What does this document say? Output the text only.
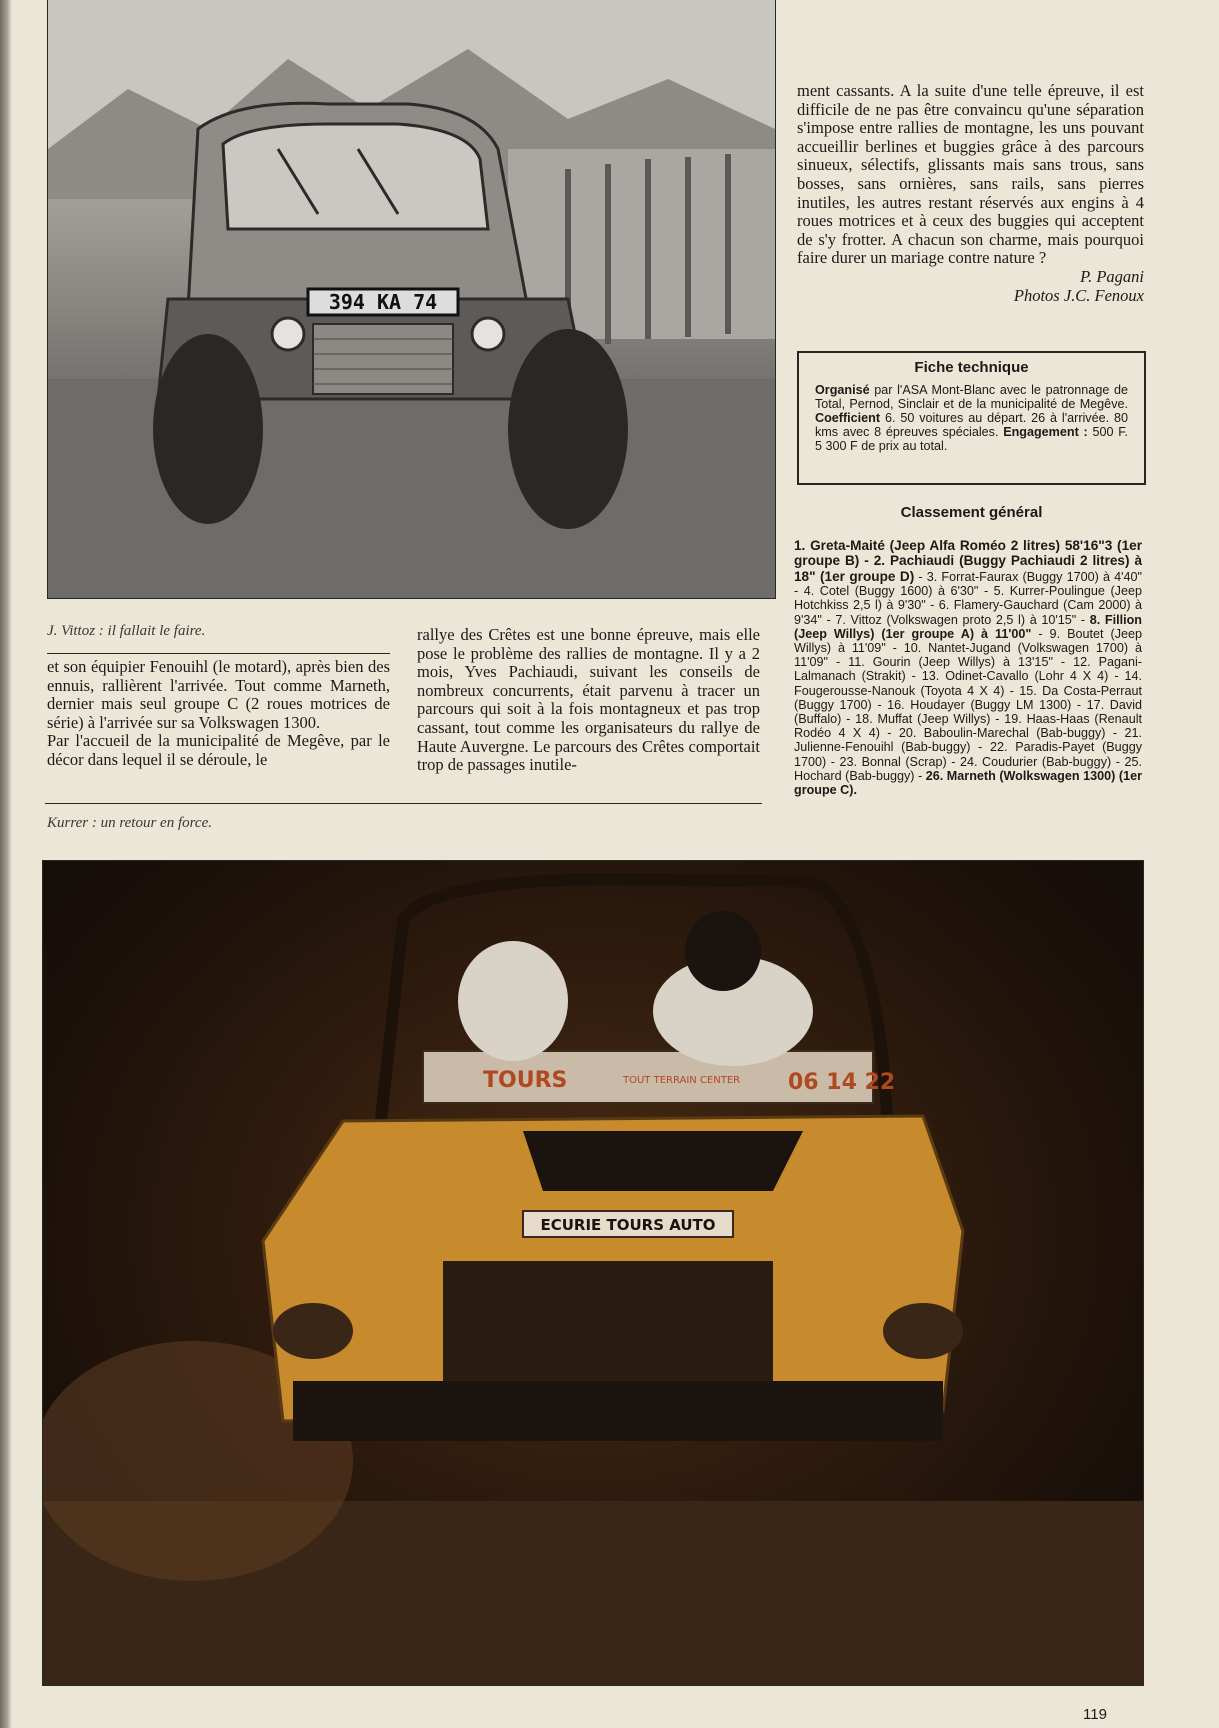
394 KA 74

ment cassants. A la suite d'une telle épreuve, il est difficile de ne pas être convaincu qu'une séparation s'impose entre rallies de montagne, les uns pouvant accueillir berlines et buggies grâce à des parcours sinueux, sélectifs, glissants mais sans trous, sans bosses, sans ornières, sans rails, sans pierres inutiles, les autres restant réservés aux engins à 4 roues motrices et à ceux des buggies qui acceptent de s'y frotter. A chacun son charme, mais pourquoi faire durer un mariage contre nature ?

P. Pagani

Photos J.C. Fenoux

Fiche technique
Organisé par l'ASA Mont-Blanc avec le patronnage de Total, Pernod, Sinclair et de la municipalité de Megêve. Coefficient 6. 50 voitures au départ. 26 à l'arrivée. 80 kms avec 8 épreuves spéciales. Engagement : 500 F. 5 300 F de prix au total.
Classement général
1. Greta-Maité (Jeep Alfa Roméo 2 litres) 58'16"3 (1er groupe B) - 2. Pachiaudi (Buggy Pachiaudi 2 litres) à 18" (1er groupe D) - 3. Forrat-Faurax (Buggy 1700) à 4'40" - 4. Cotel (Buggy 1600) à 6'30" - 5. Kurrer-Poulingue (Jeep Hotchkiss 2,5 l) à 9'30" - 6. Flamery-Gauchard (Cam 2000) à 9'34" - 7. Vittoz (Volkswagen proto 2,5 l) à 10'15" - 8. Fillion (Jeep Willys) (1er groupe A) à 11'00" - 9. Boutet (Jeep Willys) à 11'09" - 10. Nantet-Jugand (Volkswagen 1700) à 11'09" - 11. Gourin (Jeep Willys) à 13'15" - 12. Pagani-Lalmanach (Strakit) - 13. Odinet-Cavallo (Lohr 4 X 4) - 14. Fougerousse-Nanouk (Toyota 4 X 4) - 15. Da Costa-Perraut (Buggy 1700) - 16. Houdayer (Buggy LM 1300) - 17. David (Buffalo) - 18. Muffat (Jeep Willys) - 19. Haas-Haas (Renault Rodéo 4 X 4) - 20. Baboulin-Marechal (Bab-buggy) - 21. Julienne-Fenouihl (Bab-buggy) - 22. Paradis-Payet (Buggy 1700) - 23. Bonnal (Scrap) - 24. Coudurier (Bab-buggy) - 25. Hochard (Bab-buggy) - 26. Marneth (Wolkswagen 1300) (1er groupe C).
J. Vittoz : il fallait le faire.

et son équipier Fenouihl (le motard), après bien des ennuis, rallièrent l'arrivée. Tout comme Marneth, dernier mais seul groupe C (2 roues motrices de série) à l'arrivée sur sa Volkswagen 1300.

Par l'accueil de la municipalité de Megêve, par le décor dans lequel il se déroule, le

rallye des Crêtes est une bonne épreuve, mais elle pose le problème des rallies de montagne. Il y a 2 mois, Yves Pachiaudi, suivant les conseils de nombreux concurrents, était parvenu à tracer un parcours qui soit à la fois montagneux et pas trop cassant, tout comme les organisateurs du rallye de Haute Auvergne. Le parcours des Crêtes comportait trop de passages inutile-

Kurrer : un retour en force.
TOURS	TOUT TERRAIN CENTER 06 14 22
ECURIE TOURS AUTO
119
